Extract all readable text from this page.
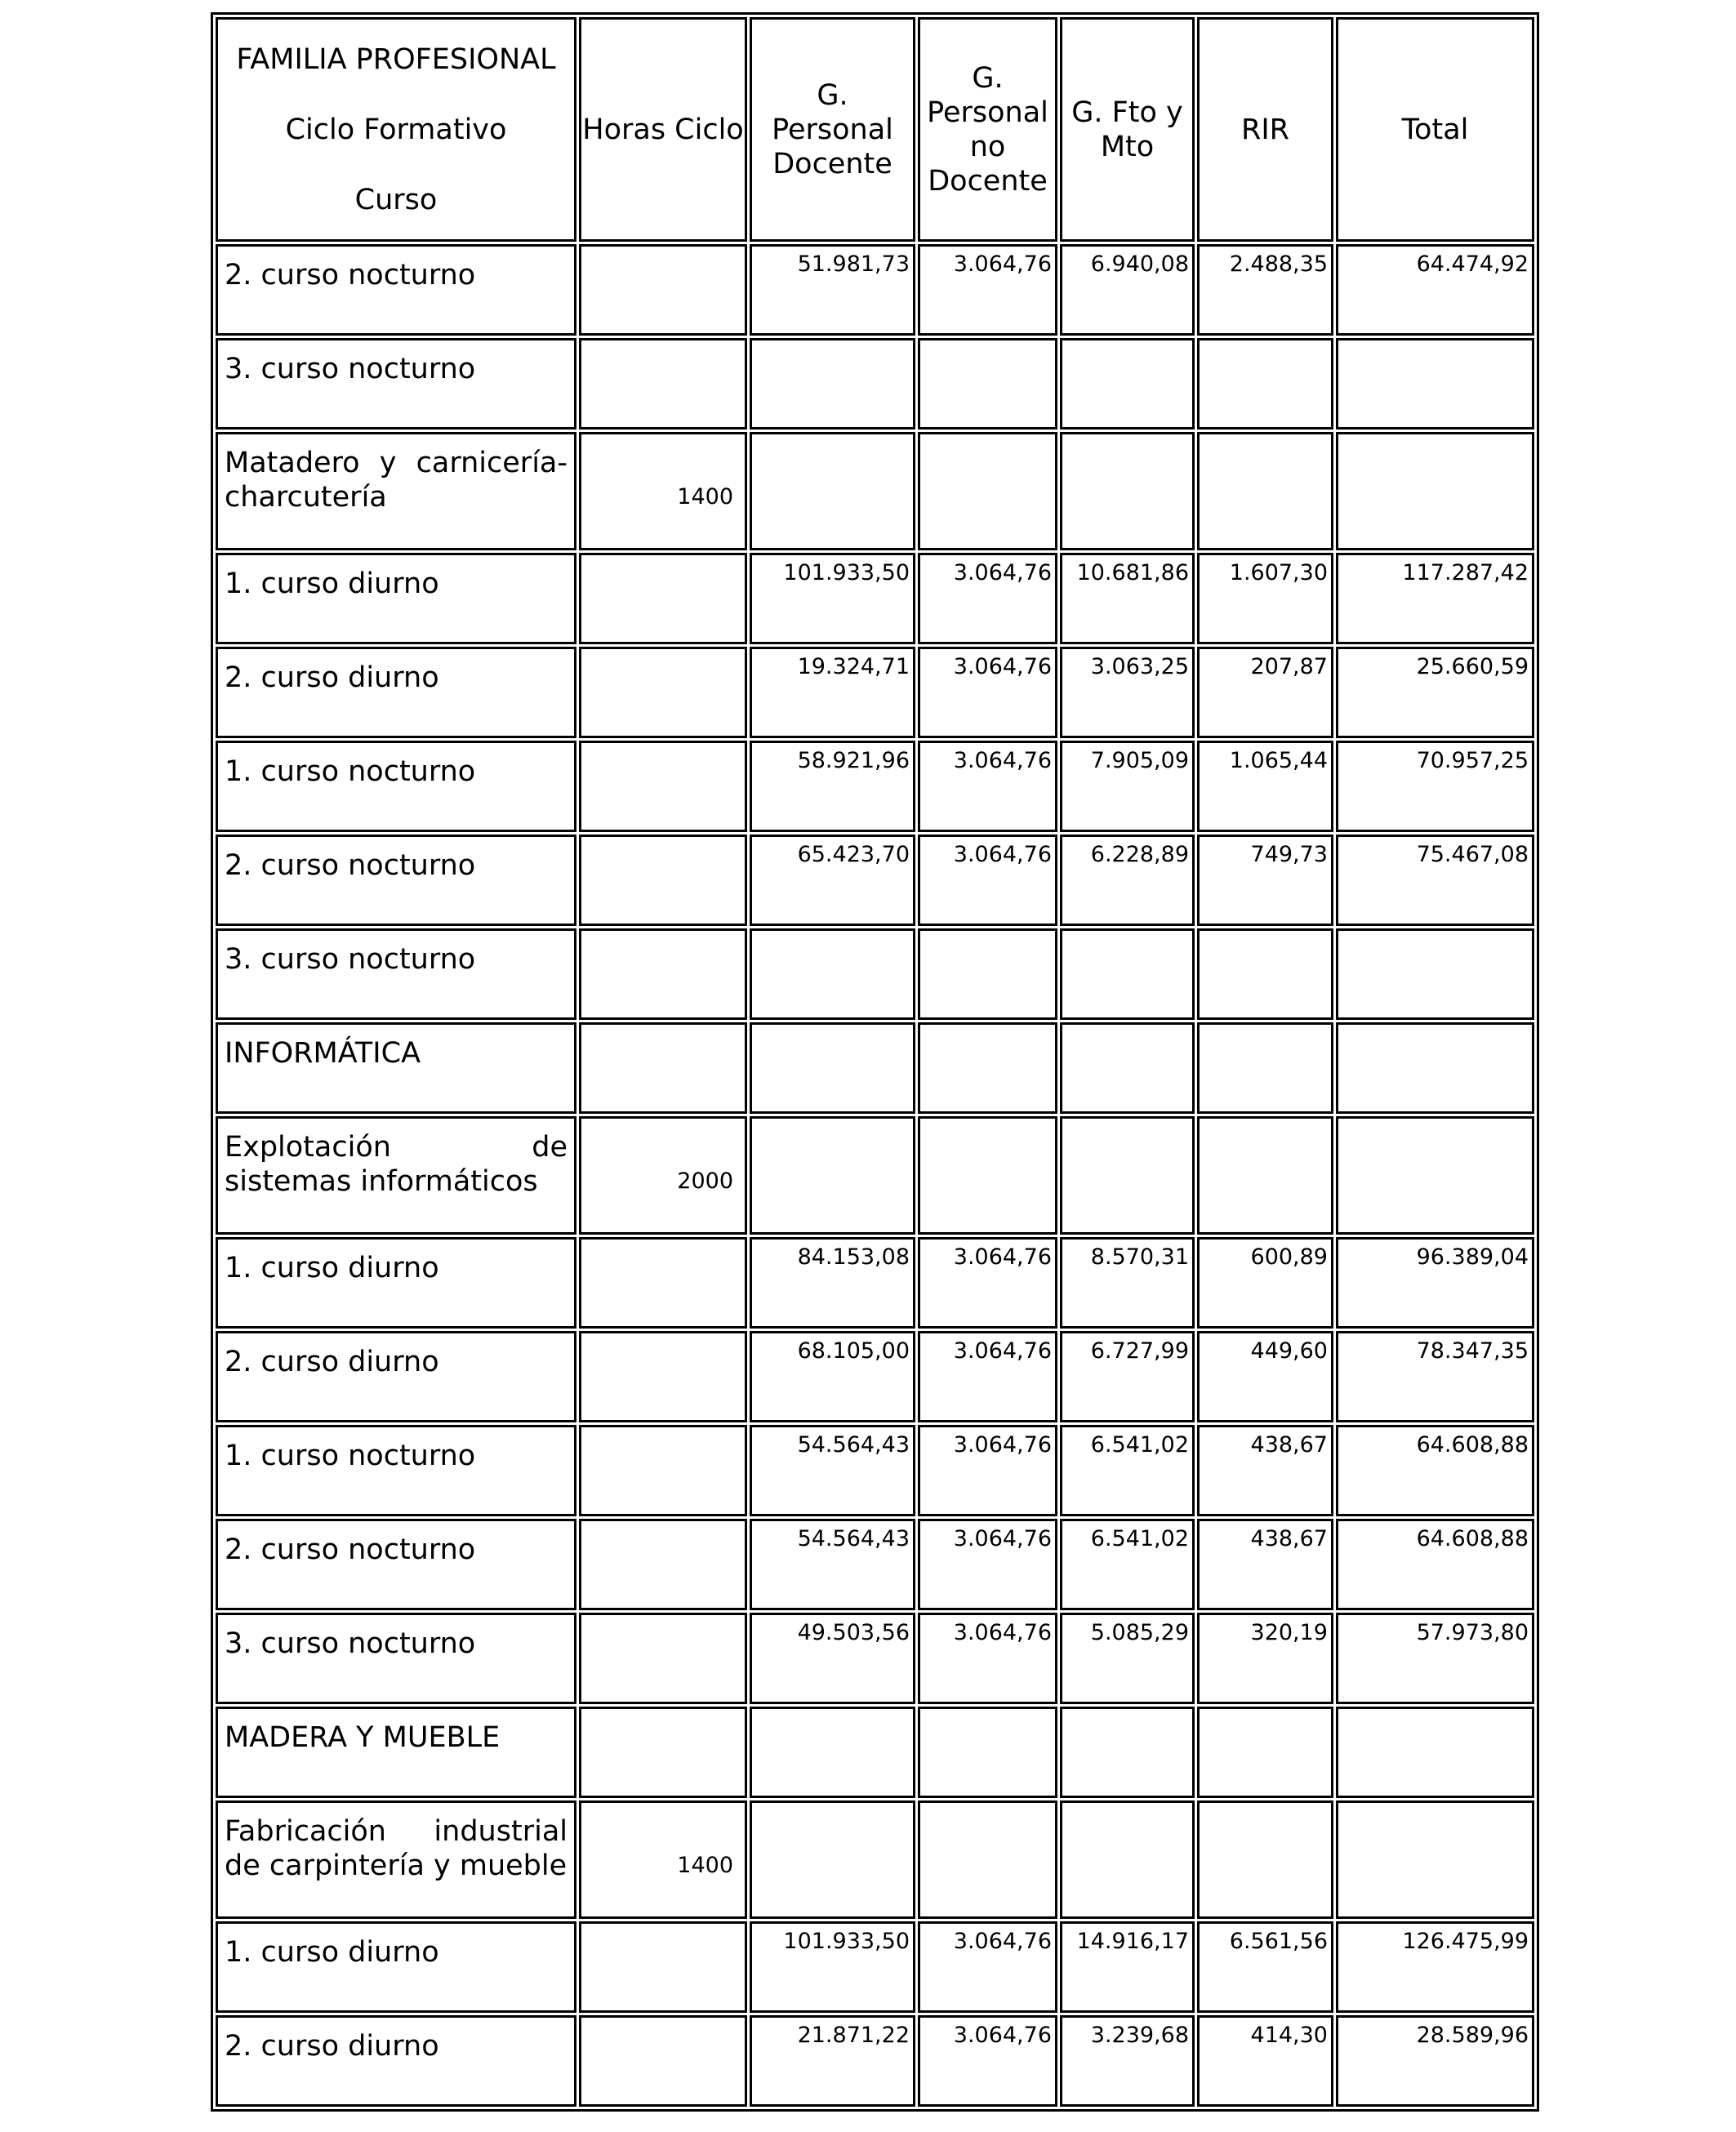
FAMILIA PROFESIONAL
Ciclo Formativo
Curso	Horas Ciclo	G. Personal Docente	G. Personal no Docente	G. Fto y Mto	RIR	Total
2. curso nocturno		51.981,73	3.064,76	6.940,08	2.488,35	64.474,92
3. curso nocturno						
Matadero y carnicería-charcutería	1400					
1. curso diurno		101.933,50	3.064,76	10.681,86	1.607,30	117.287,42
2. curso diurno		19.324,71	3.064,76	3.063,25	207,87	25.660,59
1. curso nocturno		58.921,96	3.064,76	7.905,09	1.065,44	70.957,25
2. curso nocturno		65.423,70	3.064,76	6.228,89	749,73	75.467,08
3. curso nocturno						
INFORMÁTICA						
Explotación de sistemas informáticos	2000					
1. curso diurno		84.153,08	3.064,76	8.570,31	600,89	96.389,04
2. curso diurno		68.105,00	3.064,76	6.727,99	449,60	78.347,35
1. curso nocturno		54.564,43	3.064,76	6.541,02	438,67	64.608,88
2. curso nocturno		54.564,43	3.064,76	6.541,02	438,67	64.608,88
3. curso nocturno		49.503,56	3.064,76	5.085,29	320,19	57.973,80
MADERA Y MUEBLE						
Fabricación industrial de carpintería y mueble	1400					
1. curso diurno		101.933,50	3.064,76	14.916,17	6.561,56	126.475,99
2. curso diurno		21.871,22	3.064,76	3.239,68	414,30	28.589,96
